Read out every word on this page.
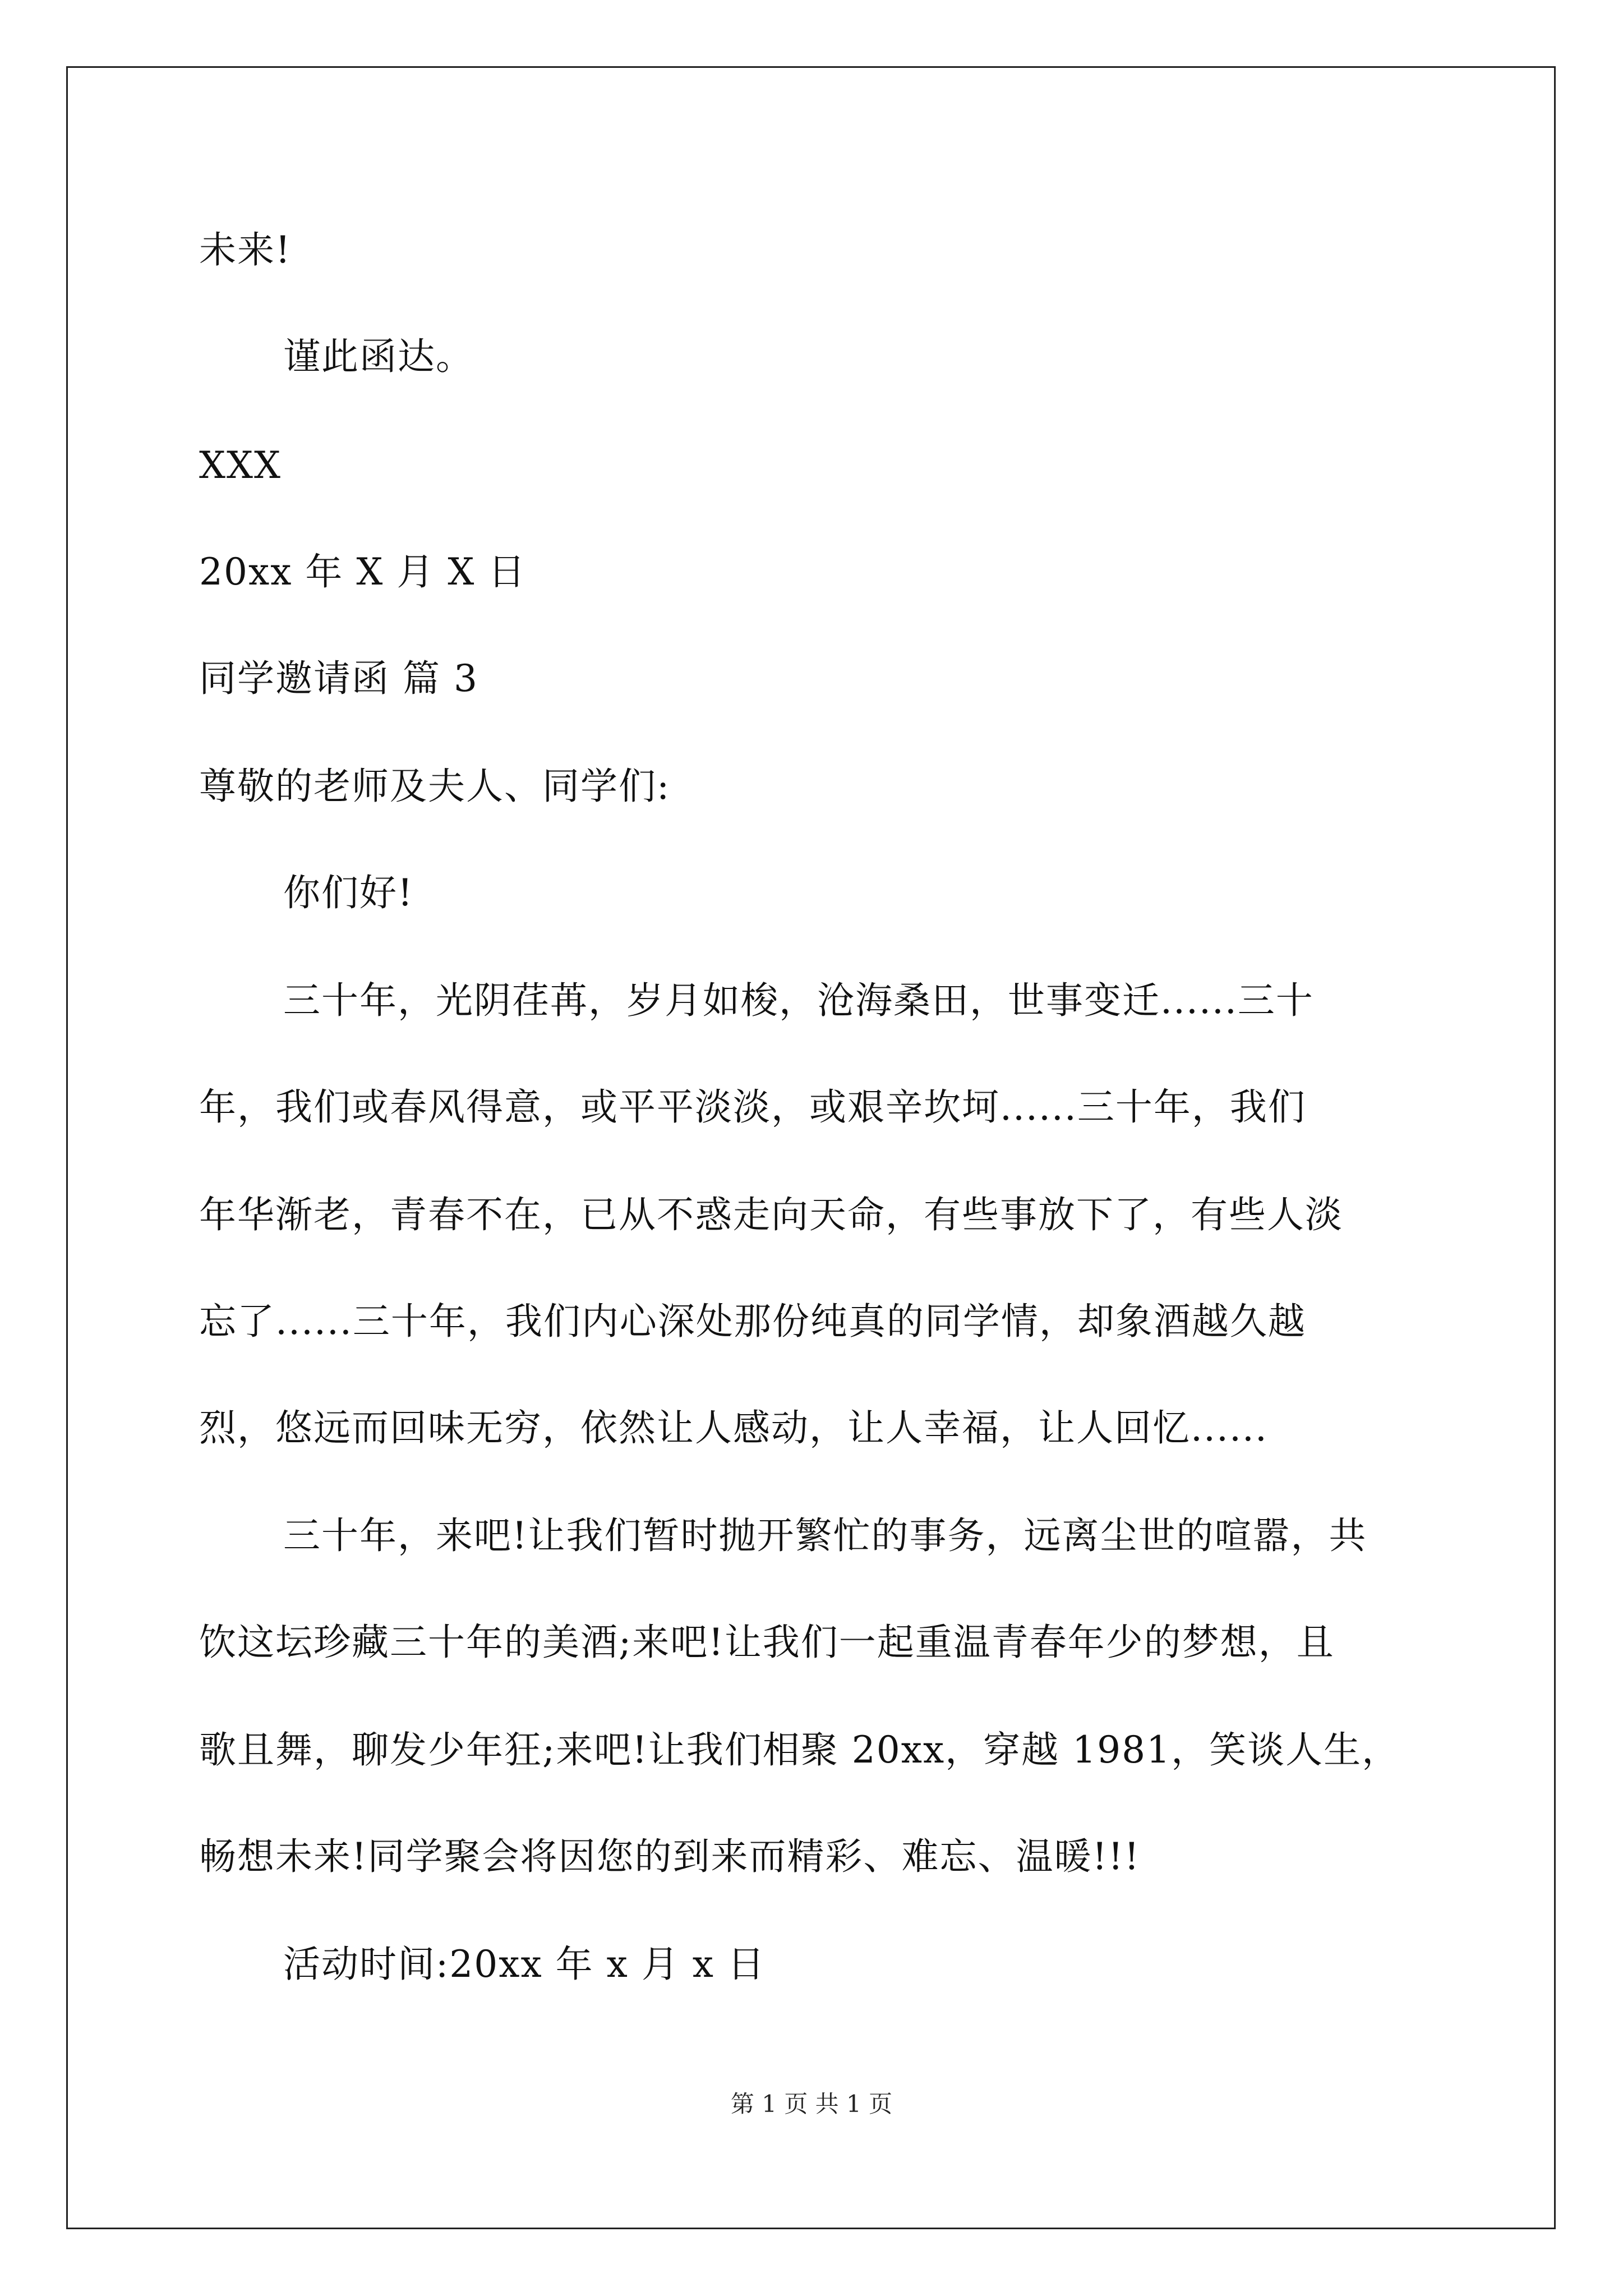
未来!
谨此函达。
XXX
20xx 年 X 月 X 日
同学邀请函 篇 3
尊敬的老师及夫人、同学们:
你们好!
三十年，光阴荏苒，岁月如梭，沧海桑田，世事变迁......三十
年，我们或春风得意，或平平淡淡，或艰辛坎坷......三十年，我们
年华渐老，青春不在，已从不惑走向天命，有些事放下了，有些人淡
忘了......三十年，我们内心深处那份纯真的同学情，却象酒越久越
烈，悠远而回味无穷，依然让人感动，让人幸福，让人回忆......
三十年，来吧!让我们暂时抛开繁忙的事务，远离尘世的喧嚣，共
饮这坛珍藏三十年的美酒;来吧!让我们一起重温青春年少的梦想，且
歌且舞，聊发少年狂;来吧!让我们相聚 20xx，穿越 1981，笑谈人生，
畅想未来!同学聚会将因您的到来而精彩、难忘、温暖!!!
活动时间:20xx 年 x 月 x 日
第 1 页 共 1 页
